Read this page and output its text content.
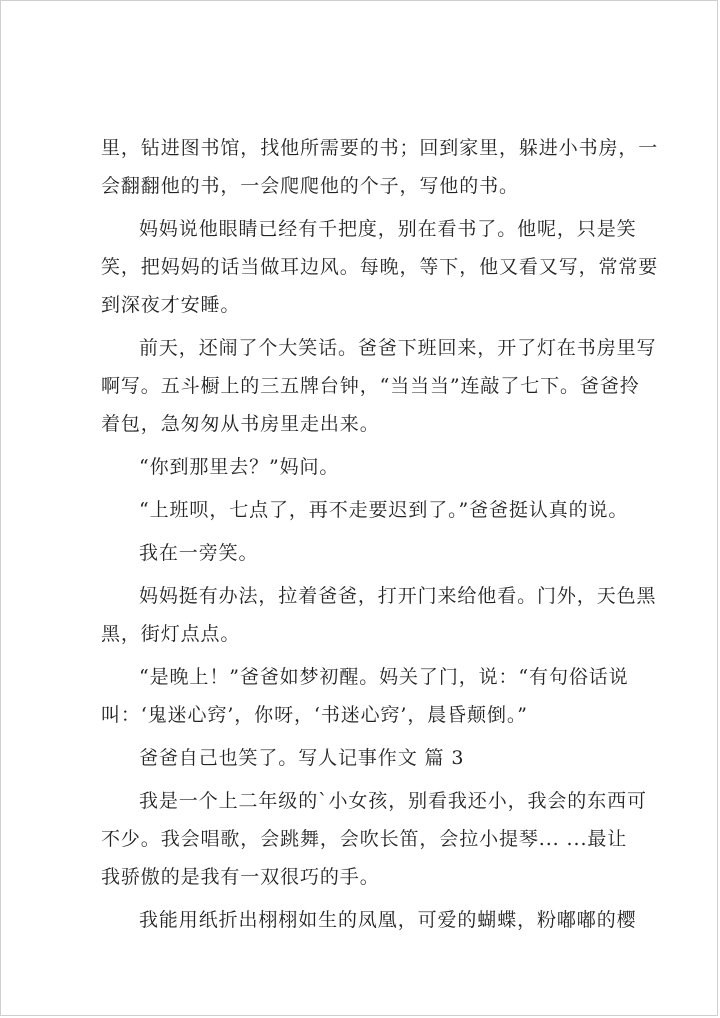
里，钻进图书馆，找他所需要的书；回到家里，躲进小书房，一
会翻翻他的书，一会爬爬他的个子，写他的书。
妈妈说他眼睛已经有千把度，别在看书了。他呢，只是笑
笑，把妈妈的话当做耳边风。每晚，等下，他又看又写，常常要
到深夜才安睡。
前天，还闹了个大笑话。爸爸下班回来，开了灯在书房里写
啊写。五斗橱上的三五牌台钟，“当当当”连敲了七下。爸爸拎
着包，急匆匆从书房里走出来。
“你到那里去？”妈问。
“上班呗，七点了，再不走要迟到了。”爸爸挺认真的说。
我在一旁笑。
妈妈挺有办法，拉着爸爸，打开门来给他看。门外，天色黑
黑，街灯点点。
“是晚上！”爸爸如梦初醒。妈关了门，说：“有句俗话说
叫：‘鬼迷心窍’，你呀，‘书迷心窍’，晨昏颠倒。”
爸爸自己也笑了。写人记事作文 篇 3
我是一个上二年级的`小女孩，别看我还小，我会的东西可
不少。我会唱歌，会跳舞，会吹长笛，会拉小提琴... ...最让
我骄傲的是我有一双很巧的手。
我能用纸折出栩栩如生的凤凰，可爱的蝴蝶，粉嘟嘟的樱
